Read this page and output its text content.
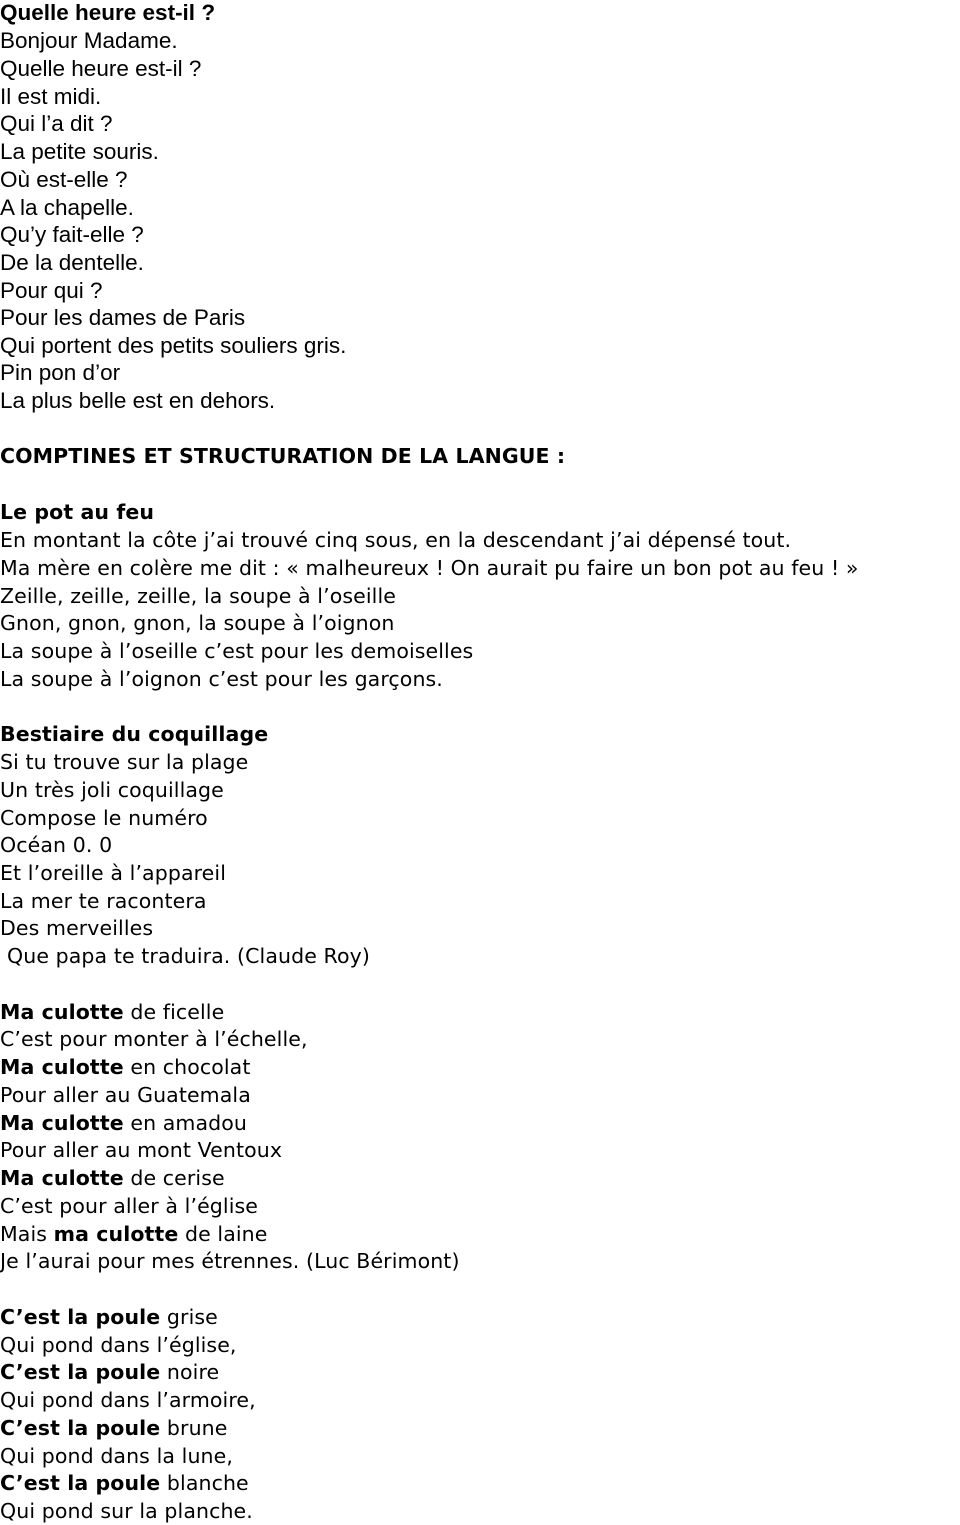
Quelle heure est-il ?
Bonjour Madame.
Quelle heure est-il ?
Il est midi.
Qui l’a dit ?
La petite souris.
Où est-elle ?
A la chapelle.
Qu’y fait-elle ?
De la dentelle.
Pour qui ?
Pour les dames de Paris
Qui portent des petits souliers gris.
Pin pon d’or
La plus belle est en dehors.
COMPTINES ET STRUCTURATION DE LA LANGUE :
Le pot au feu
En montant la côte j’ai trouvé cinq sous, en la descendant j’ai dépensé tout.
Ma mère en colère me dit : « malheureux ! On aurait pu faire un bon pot au feu ! »
Zeille, zeille, zeille, la soupe à l’oseille
Gnon, gnon, gnon, la soupe à l’oignon
La soupe à l’oseille c’est pour les demoiselles
La soupe à l’oignon c’est pour les garçons.
Bestiaire du coquillage
Si tu trouve sur la plage
Un très joli coquillage
Compose le numéro
Océan 0. 0
Et l’oreille à l’appareil
La mer te racontera
Des merveilles
Que papa te traduira. (Claude Roy)
Ma culotte de ficelle
C’est pour monter à l’échelle,
Ma culotte en chocolat
Pour aller au Guatemala
Ma culotte en amadou
Pour aller au mont Ventoux
Ma culotte de cerise
C’est pour aller à l’église
Mais ma culotte de laine
Je l’aurai pour mes étrennes. (Luc Bérimont)
C’est la poule grise
Qui pond dans l’église,
C’est la poule noire
Qui pond dans l’armoire,
C’est la poule brune
Qui pond dans la lune,
C’est la poule blanche
Qui pond sur la planche.
